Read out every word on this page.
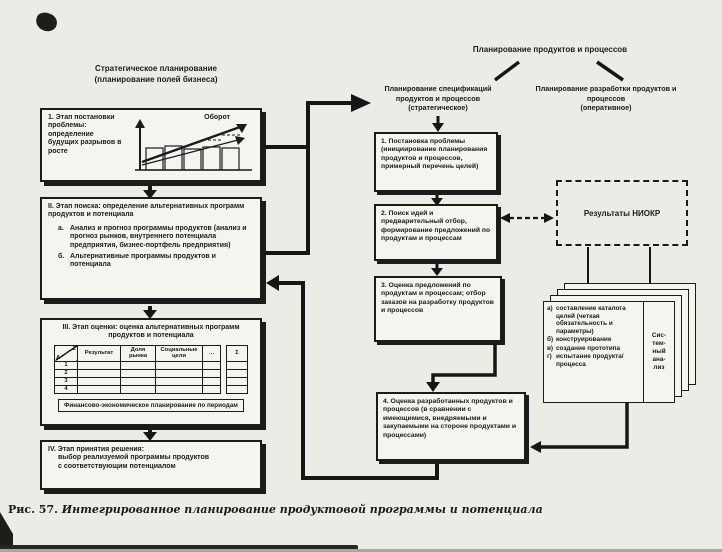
Стратегическое планирование
(планирование полей бизнеса)
1. Этап постановки проблемы: определение будущих разрывов в росте
Оборот
II. Этап поиска: определение альтернативных программ продуктов и потенциала
а. Анализ и прогноз программы продуктов (анализ и прогноз рынков, внутреннего потенциала предприятия, бизнес-портфель предприятия)
б. Альтернативные программы продуктов и потенциала
III. Этап оценки: оценка альтернативных программ продуктов и потенциала
Z
A	Результат	Доля рынка	Социальные цели	…
1				
2				
3				
4				
Σ

Финансово-экономическое планирование по периодам
IV. Этап принятия решения:
выбор реализуемой программы продуктов
с соответствующим потенциалом
Планирование продуктов и процессов
Планирование спецификаций продуктов и процессов
(стратегическое)
Планирование разработки продуктов и процессов
(оперативное)
1. Постановка проблемы (инициирование планирования продуктов и процессов, примерный перечень целей)
2. Поиск идей и предварительный отбор, формирование предложений по продуктам и процессам
3. Оценка предложений по продуктам и процессам; отбор заказов на разработку продуктов и процессов
4. Оценка разработанных продуктов и процессов (в сравнении с имеющимися, внедряемыми и закупаемыми на стороне продуктами и процессами)
Результаты НИОКР
а) составление каталога целей (четкая обязательность и параметры)
б) конструирование
в) создание прототипа
г) испытание продукта/процесса
Сис-
тем-
ный
ана-
лиз
Рис. 57. Интегрированное планирование продуктовой программы и потенциала
